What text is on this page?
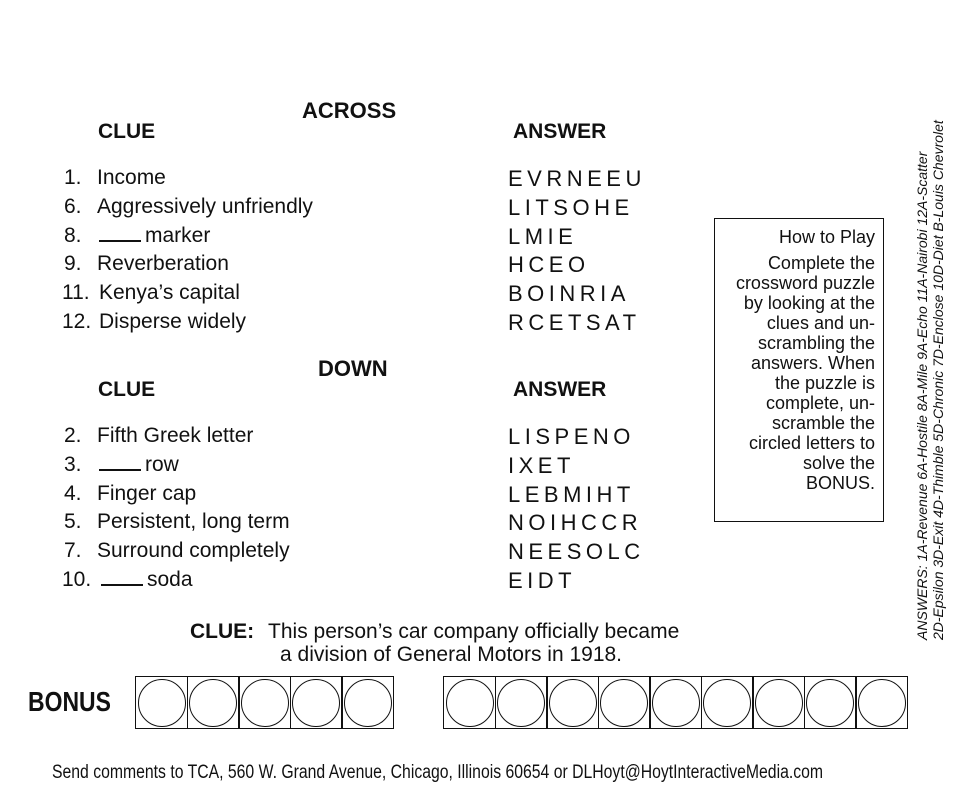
ACROSS
CLUE	ANSWER
1. Income	EVRNEEU
6. Aggressively unfriendly	LITSOHE
8.	marker	LMIE
9. Reverberation	HCEO
11. Kenya’s capital	BOINRIA
12. Disperse widely	RCETSAT
DOWN
CLUE	ANSWER
2. Fifth Greek letter	LISPENO
3.	row	IXET
4. Finger cap	LEBMIHT
5. Persistent, long term	NOIHCCR
7. Surround completely	NEESOLC
10.	soda	EIDT
How to Play
Complete the
crossword puzzle
by looking at the
clues and un-
scrambling the
answers. When
the puzzle is
complete, un-
scramble the
circled letters to
solve the
BONUS.	ANSWERS: 1A-Revenue 6A-Hostile 8A-Mile 9A-Echo 11A-Nairobi 12A-Scatter 2D-Epsilon 3D-Exit 4D-Thimble 5D-Chronic 7D-Enclose 10D-Diet B-Louis Chevrolet
CLUE: This person’s car company officially became
a division of General Motors in 1918.
BONUS
Send comments to TCA, 560 W. Grand Avenue, Chicago, Illinois 60654 or DLHoyt@HoytInteractiveMedia.com
